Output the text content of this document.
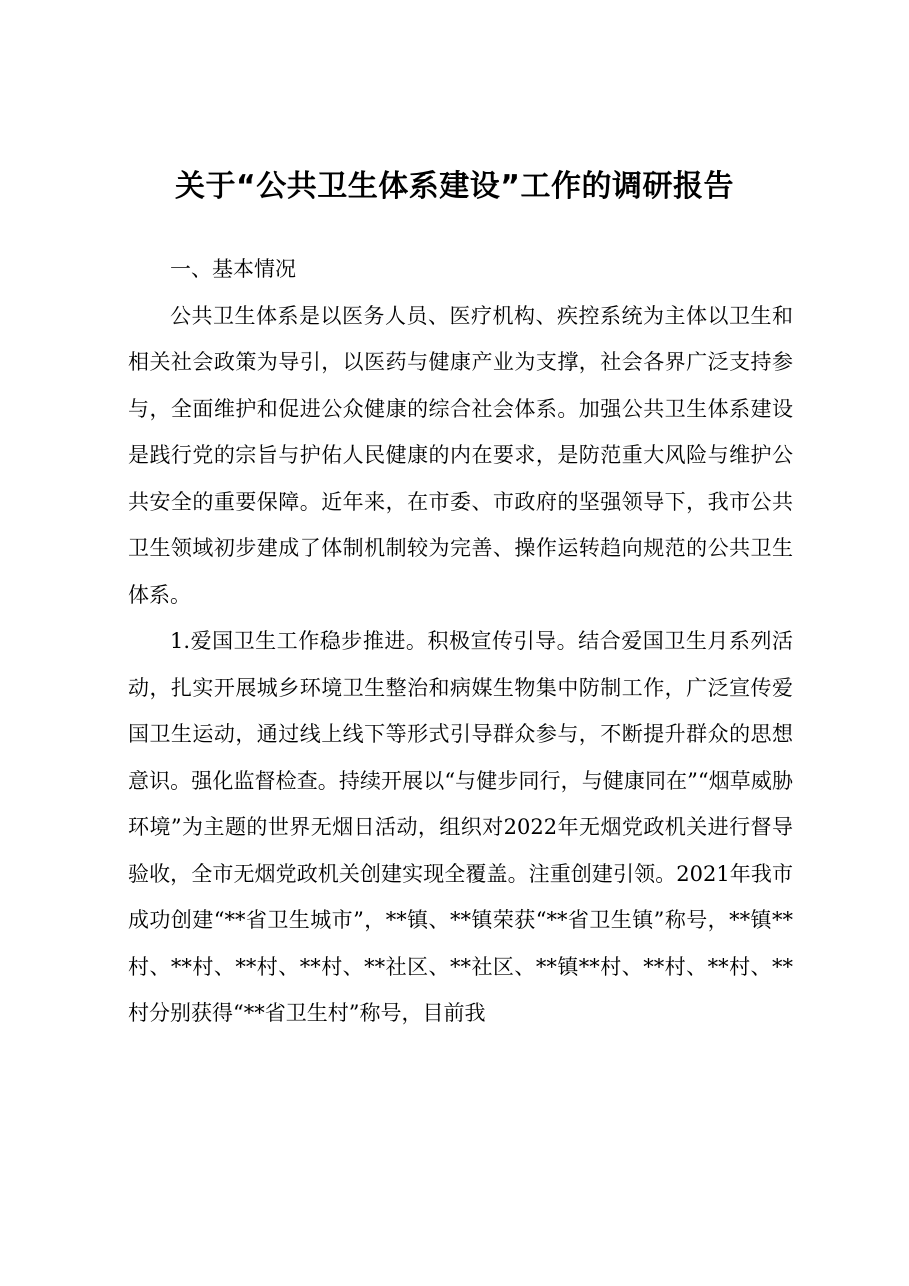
关于“公共卫生体系建设”工作的调研报告

一、基本情况

公共卫生体系是以医务人员、医疗机构、疾控系统为主体以卫生和相关社会政策为导引，以医药与健康产业为支撑，社会各界广泛支持参与，全面维护和促进公众健康的综合社会体系。加强公共卫生体系建设是践行党的宗旨与护佑人民健康的内在要求，是防范重大风险与维护公共安全的重要保障。近年来，在市委、市政府的坚强领导下，我市公共卫生领域初步建成了体制机制较为完善、操作运转趋向规范的公共卫生体系。

1.爱国卫生工作稳步推进。积极宣传引导。结合爱国卫生月系列活动，扎实开展城乡环境卫生整治和病媒生物集中防制工作，广泛宣传爱国卫生运动，通过线上线下等形式引导群众参与，不断提升群众的思想意识。强化监督检查。持续开展以“与健步同行，与健康同在”“烟草威胁环境”为主题的世界无烟日活动，组织对2022年无烟党政机关进行督导验收，全市无烟党政机关创建实现全覆盖。注重创建引领。2021年我市成功创建“**省卫生城市”，**镇、**镇荣获“**省卫生镇”称号，**镇**村、**村、**村、**村、**社区、**社区、**镇**村、**村、**村、**村分别获得“**省卫生村”称号，目前我
